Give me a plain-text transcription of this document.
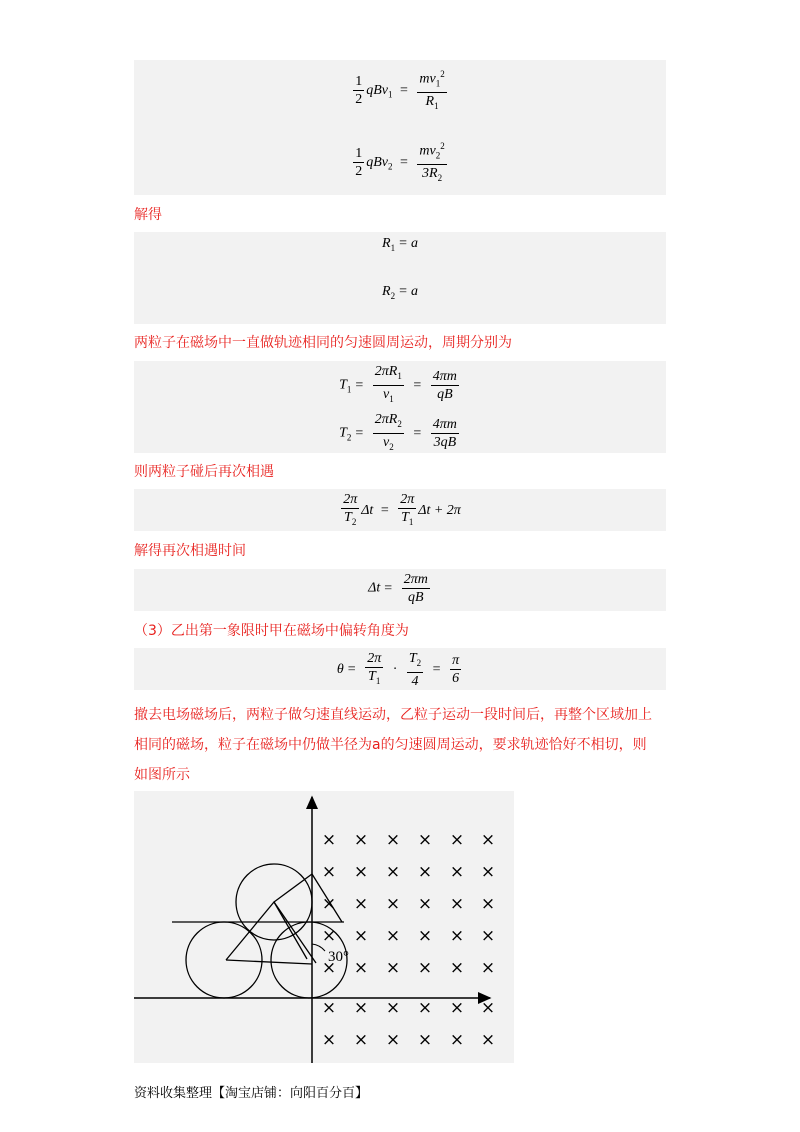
$\frac{1}{2} qBv_1 = \frac{mv_1^2}{R_1}$
$\frac{1}{2} qBv_2 = \frac{mv_2^2}{3R_2}$
解得
$R_1 = a$
$R_2 = a$
两粒子在磁场中一直做轨迹相同的匀速圆周运动，周期分别为
$T_1 = \frac{2\pi R_1}{v_1} = \frac{4\pi m}{qB}$
$T_2 = \frac{2\pi R_2}{v_2} = \frac{4\pi m}{3qB}$
则两粒子碰后再次相遇
$\frac{2\pi}{T_2}$ $\Delta t = \frac{2\pi}{T_1}$ Δt + 2π
解得再次相遇时间
$\Delta t = \frac{2\pi m}{qB}$
（3）乙出第一象限时甲在磁场中偏转角度为
$\theta = \frac{2\pi}{T_1} \cdot \frac{T_2}{4} = \frac{\pi}{6}$
撤去电场磁场后，两粒子做匀速直线运动，乙粒子运动一段时间后，再整个区域加上
相同的磁场，粒子在磁场中仍做半径为a的匀速圆周运动，要求轨迹恰好不相切，则
如图所示
30°
× × × × × ×
× × × × × ×
× × × × × ×
× × × × × ×
× × × × × ×
× × × × × ×
× × × × × ×
资料收集整理【淘宝店铺：向阳百分百】
